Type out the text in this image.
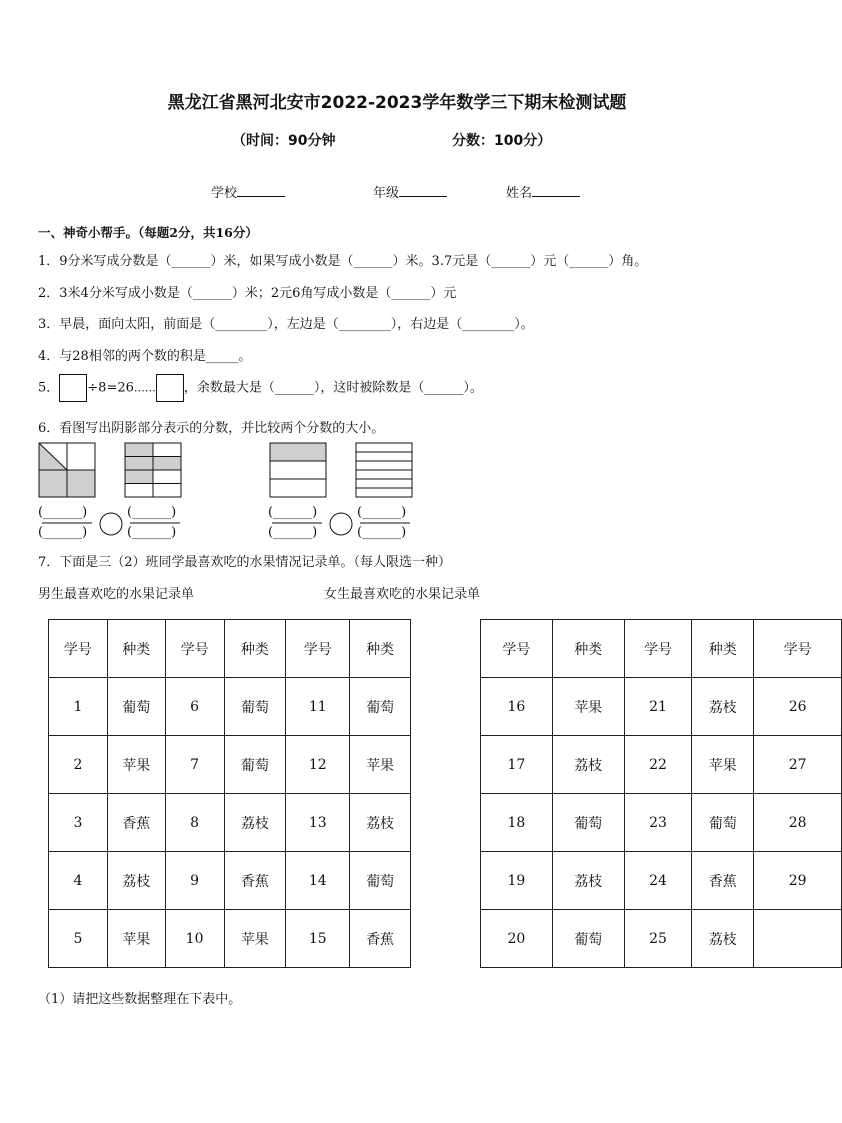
黑龙江省黑河北安市2022-2023学年数学三下期末检测试题
（时间：90分钟	分数：100分）
学校	年级	姓名
一、神奇小帮手。（每题2分，共16分）
1．9分米写成分数是（______）米，如果写成小数是（______）米。3.7元是（______）元（______）角。
2．3米4分米写成小数是（______）米；2元6角写成小数是（______）元
3．早晨，面向太阳，前面是（________），左边是（________），右边是（________）。
4．与28相邻的两个数的积是_____。
5． ÷8=26…… ，余数最大是（______），这时被除数是（______）。
6．看图写出阴影部分表示的分数，并比较两个分数的大小。
(______)
(______)
(______)
(______)
(______)
(______)
(______)
(______)
7．下面是三（2）班同学最喜欢吃的水果情况记录单。（每人限选一种）
男生最喜欢吃的水果记录单	女生最喜欢吃的水果记录单
学号	种类	学号	种类	学号	种类
1	葡萄	6	葡萄	11	葡萄
2	苹果	7	葡萄	12	苹果
3	香蕉	8	荔枝	13	荔枝
4	荔枝	9	香蕉	14	葡萄
5	苹果	10	苹果	15	香蕉
学号	种类	学号	种类	学号
16	苹果	21	荔枝	26
17	荔枝	22	苹果	27
18	葡萄	23	葡萄	28
19	荔枝	24	香蕉	29
20	葡萄	25	荔枝	
（1）请把这些数据整理在下表中。
